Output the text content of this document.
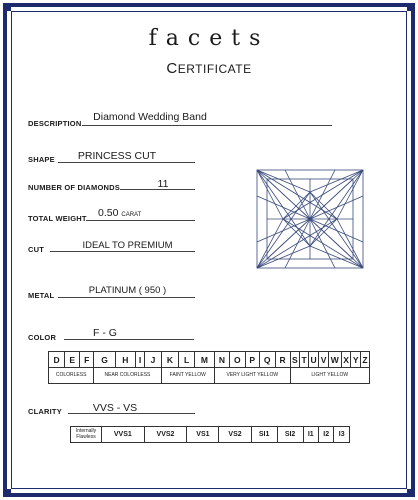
facets
CERTIFICATE
DESCRIPTION
Diamond Wedding Band
SHAPE	PRINCESS CUT
NUMBER OF DIAMONDS	11
TOTAL WEIGHT 0.50 CARAT
CUT	IDEAL TO PREMIUM
METAL	PLATINUM ( 950 )
COLOR	F - G
D	E	F	G	H	I	J	K	L	M	N	O	P	Q	R	S	T	U	V	W	X	Y	Z
COLORLESS			NEAR COLORLESS				FAINT YELLOW			VERY LIGHT YELLOW					LIGHT YELLOW							
CLARITY	VVS - VS
Internally Flawless	VVS1	VVS2	VS1	VS2	SI1	SI2	I1	I2	I3
